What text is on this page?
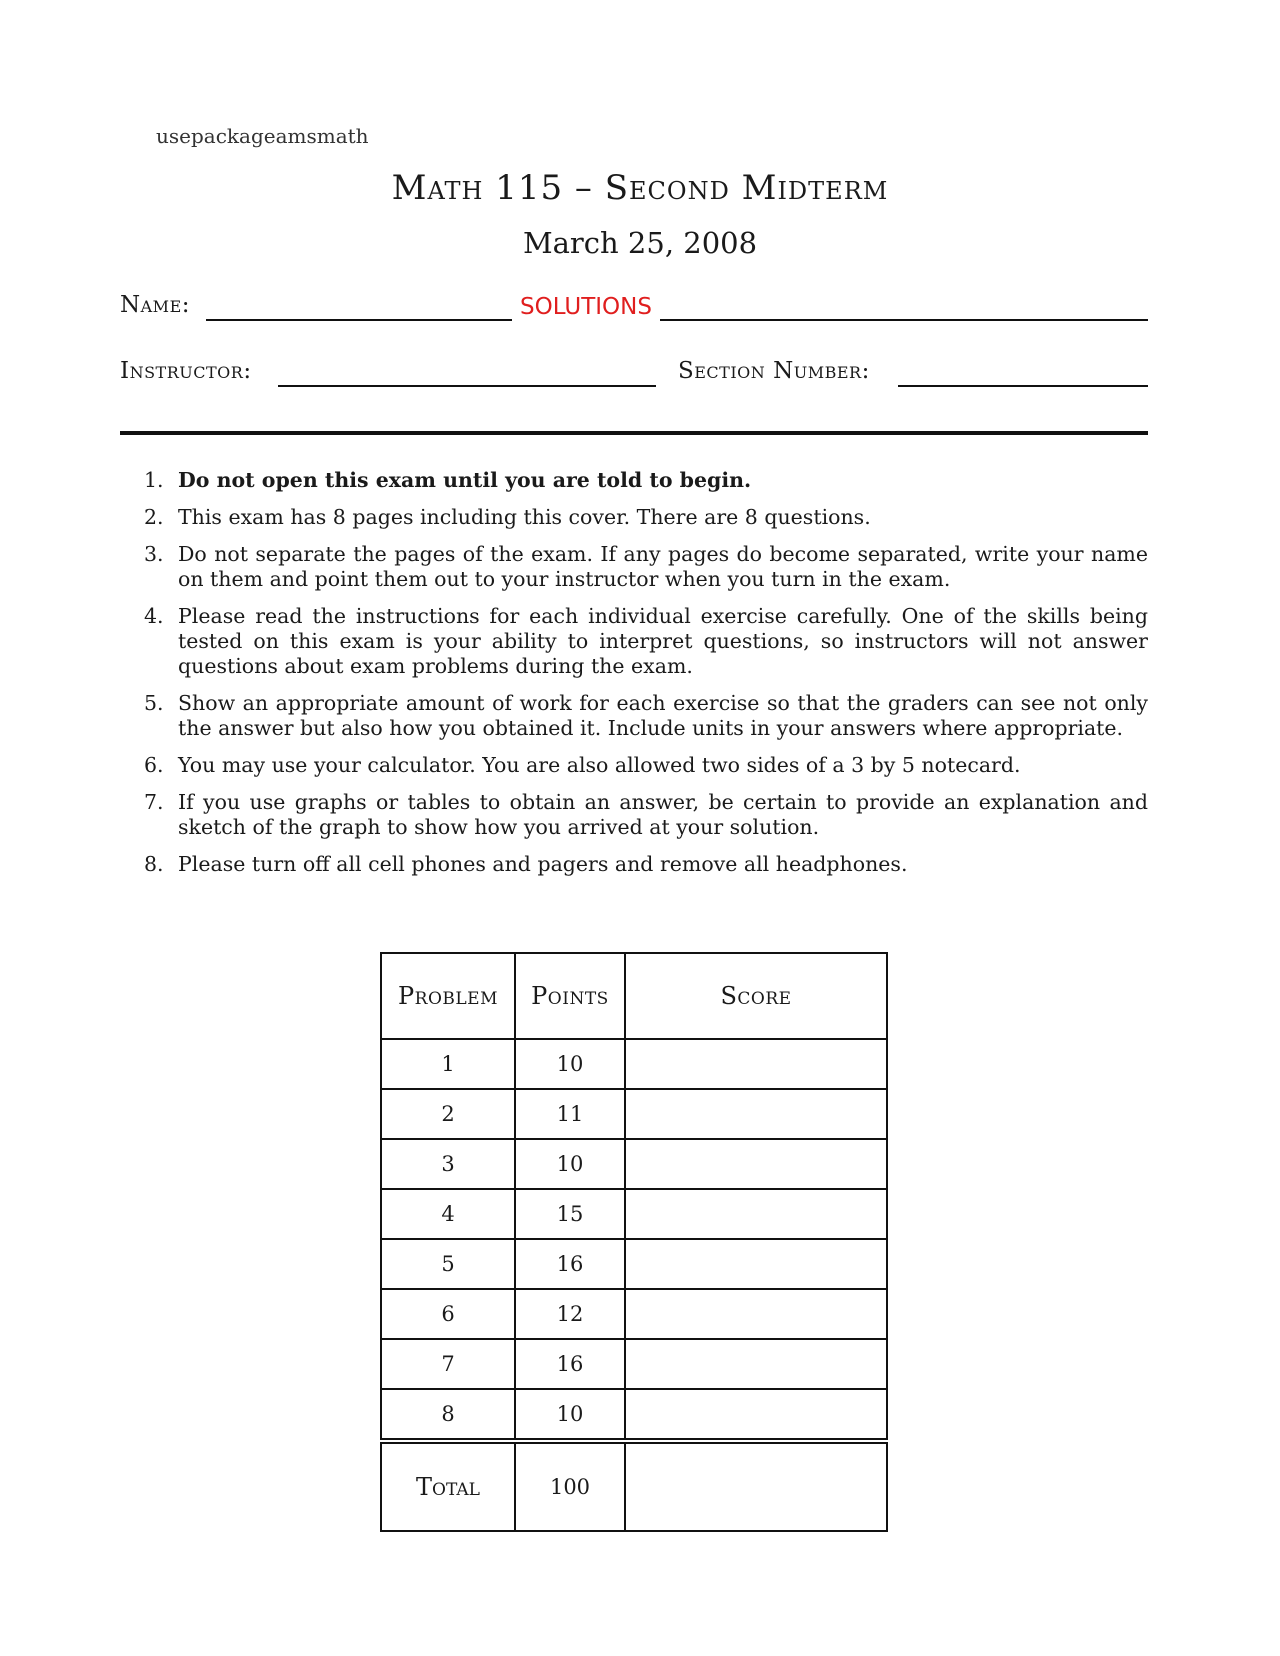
usepackageamsmath
Math 115 – Second Midterm
March 25, 2008
Name:	SOLUTIONS
Instructor:	Section Number:
1. Do not open this exam until you are told to begin.
2. This exam has 8 pages including this cover. There are 8 questions.
3. Do not separate the pages of the exam. If any pages do become separated, write your name on them and point them out to your instructor when you turn in the exam.
4. Please read the instructions for each individual exercise carefully. One of the skills being tested on this exam is your ability to interpret questions, so instructors will not answer questions about exam problems during the exam.
5. Show an appropriate amount of work for each exercise so that the graders can see not only the answer but also how you obtained it. Include units in your answers where appropriate.
6. You may use your calculator. You are also allowed two sides of a 3 by 5 notecard.
7. If you use graphs or tables to obtain an answer, be certain to provide an explanation and sketch of the graph to show how you arrived at your solution.
8. Please turn off all cell phones and pagers and remove all headphones.
Problem	Points	Score
1	10	
2	11	
3	10	
4	15	
5	16	
6	12	
7	16	
8	10	
Total	100	
